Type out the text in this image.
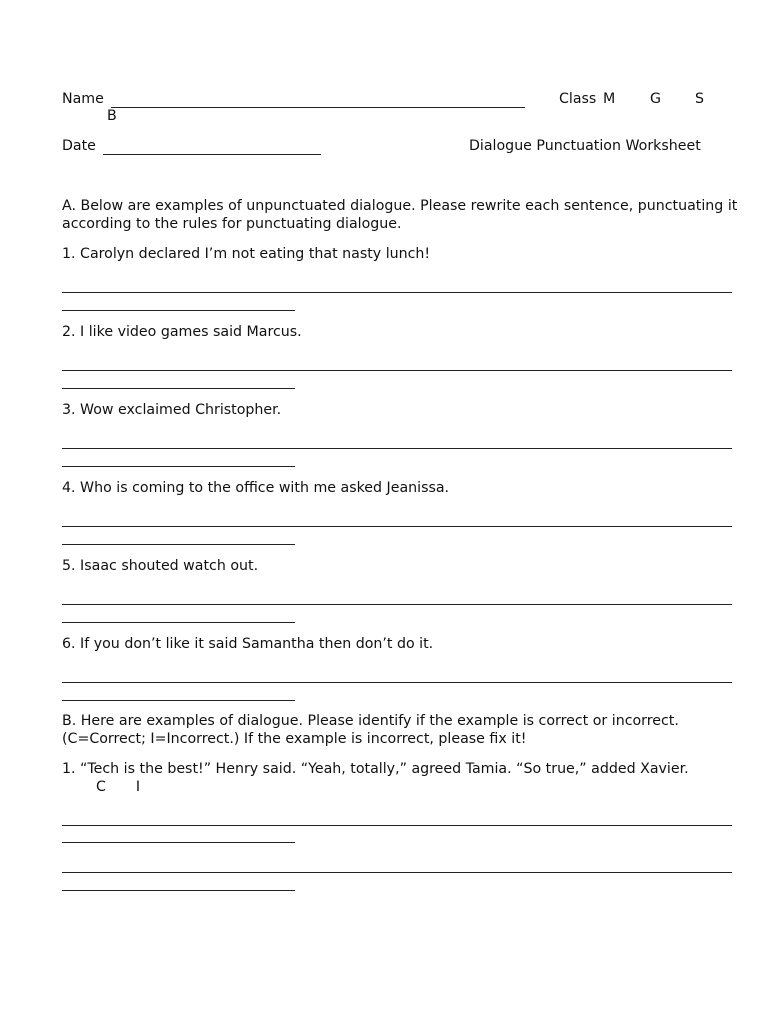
Name	Class M G S
B
Date	Dialogue Punctuation Worksheet
A. Below are examples of unpunctuated dialogue. Please rewrite each sentence, punctuating it according to the rules for punctuating dialogue.
1. Carolyn declared I’m not eating that nasty lunch!
2. I like video games said Marcus.
3. Wow exclaimed Christopher.
4. Who is coming to the office with me asked Jeanissa.
5. Isaac shouted watch out.
6. If you don’t like it said Samantha then don’t do it.
B. Here are examples of dialogue. Please identify if the example is correct or incorrect. (C=Correct; I=Incorrect.) If the example is incorrect, please fix it!
1. “Tech is the best!” Henry said. “Yeah, totally,” agreed Tamia. “So true,” added Xavier.C I
